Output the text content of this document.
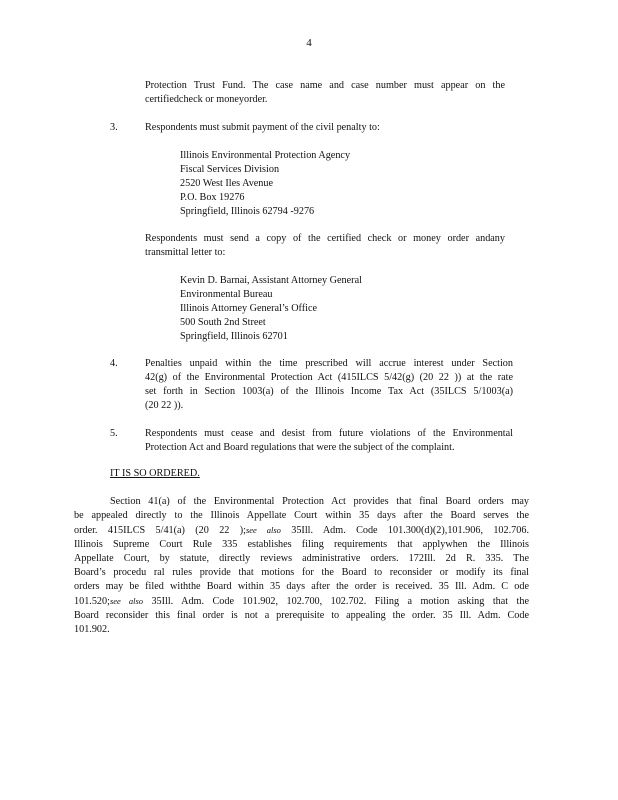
4
Protection Trust Fund. The case name and case number must appear on the
certifiedcheck or moneyorder.
3.	Respondents must submit payment of the civil penalty to:
Illinois Environmental Protection Agency
Fiscal Services Division
2520 West Iles Avenue
P.O. Box 19276
Springfield, Illinois 62794 -9276
Respondents must send a copy of the certified check or money order andany
transmittal letter to:
Kevin D. Barnai, Assistant Attorney General
Environmental Bureau
Illinois Attorney General’s Office
500 South 2nd Street
Springfield, Illinois 62701
4.	Penalties unpaid within the time prescribed will accrue interest under Section
42(g) of the Environmental Protection Act (415ILCS 5/42(g) (20 22 )) at the rate
set forth in Section 1003(a) of the Illinois Income Tax Act (35ILCS 5/1003(a)
(20 22 )).
5.	Respondents must cease and desist from future violations of the Environmental
Protection Act and Board regulations that were the subject of the complaint.
IT IS SO ORDERED.
Section 41(a) of the Environmental Protection Act provides that final Board orders may
be appealed directly to the Illinois Appellate Court within 35 days after the Board serves the
order. 415ILCS 5/41(a) (20 22 );see also 35Ill. Adm. Code 101.300(d)(2),101.906, 102.706.
Illinois Supreme Court Rule 335 establishes filing requirements that applywhen the Illinois
Appellate Court, by statute, directly reviews administrative orders. 172Ill. 2d R. 335. The
Board’s procedu ral rules provide that motions for the Board to reconsider or modify its final
orders may be filed withthe Board within 35 days after the order is received. 35 Ill. Adm. C ode
101.520;see also 35Ill. Adm. Code 101.902, 102.700, 102.702. Filing a motion asking that the
Board reconsider this final order is not a prerequisite to appealing the order. 35 Ill. Adm. Code
101.902.
